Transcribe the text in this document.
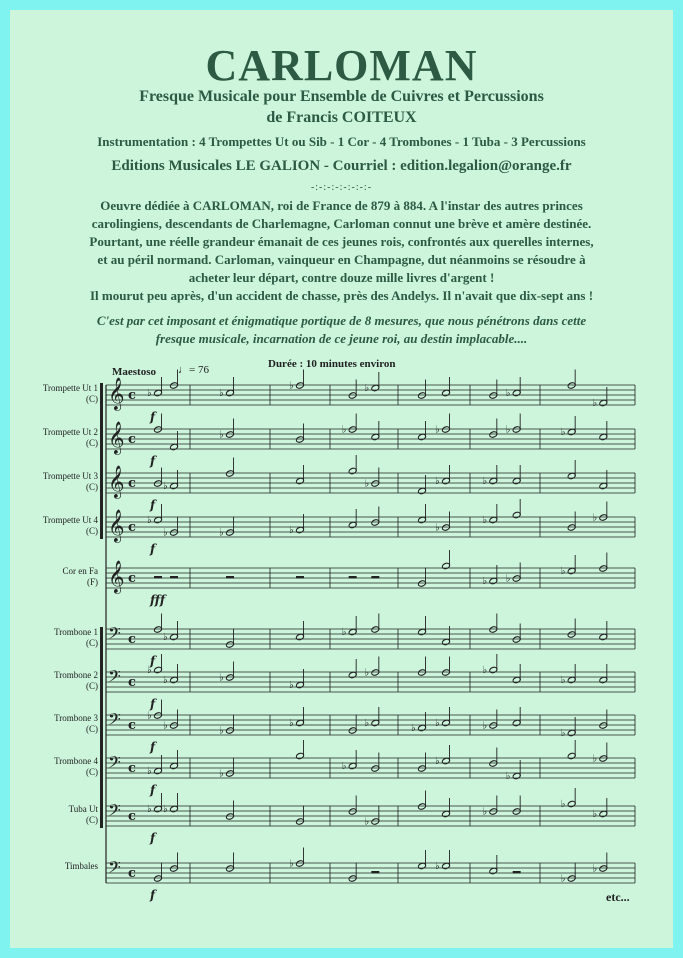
CARLOMAN
Fresque Musicale pour Ensemble de Cuivres et Percussions
de Francis COITEUX
Instrumentation : 4 Trompettes Ut ou Sib - 1 Cor - 4 Trombones - 1 Tuba - 3 Percussions
Editions Musicales LE GALION - Courriel : edition.legalion@orange.fr
-:-:-:-:-:-:-:-
Oeuvre dédiée à CARLOMAN, roi de France de 879 à 884. A l'instar des autres princes
carolingiens, descendants de Charlemagne, Carloman connut une brève et amère destinée.
Pourtant, une réelle grandeur émanait de ces jeunes rois, confrontés aux querelles internes,
et au péril normand. Carloman, vainqueur en Champagne, dut néanmoins se résoudre à
acheter leur départ, contre douze mille livres d'argent !
Il mourut peu après, d'un accident de chasse, près des Andelys. Il n'avait que dix-sept ans !
C'est par cet imposant et énigmatique portique de 8 mesures, que nous pénétrons dans cette
fresque musicale, incarnation de ce jeune roi, au destin implacable....
Maestoso ♩= 76	Durée : 10 minutes environ
Trompette Ut 1
(C)
Trompette Ut 2
(C)
Trompette Ut 3
(C)
Trompette Ut 4
(C)
Cor en Fa
(F)
Trombone 1
(C)
Trombone 2
(C)
Trombone 3
(C)
Trombone 4
(C)
Tuba Ut
(C)
Timbales
𝄞 c ♭	♭
♭	♭	♭
♭
f
𝄞 c	♭	♭	♭	♭	♭
f
𝄞 c	♭	♭	♭	♭
f
𝄞 c ♭
♭	♭	♭	♭
♭	♭
f
𝄞 c	♭ ♭
♭
fff
𝄢 c	♭	♭
f
𝄢 c
♭
♭	♭
♭
♭	♭
♭
f
𝄢 c
♭
♭	♭
♭	♭	♭ ♭	♭
♭
f
𝄢 c ♭	♭
♭	♭
♭
♭
f
𝄢 c ♭ ♭
♭
♭
♭
♭
f
𝄢 c
♭	♭
♭
♭
f	etc...
